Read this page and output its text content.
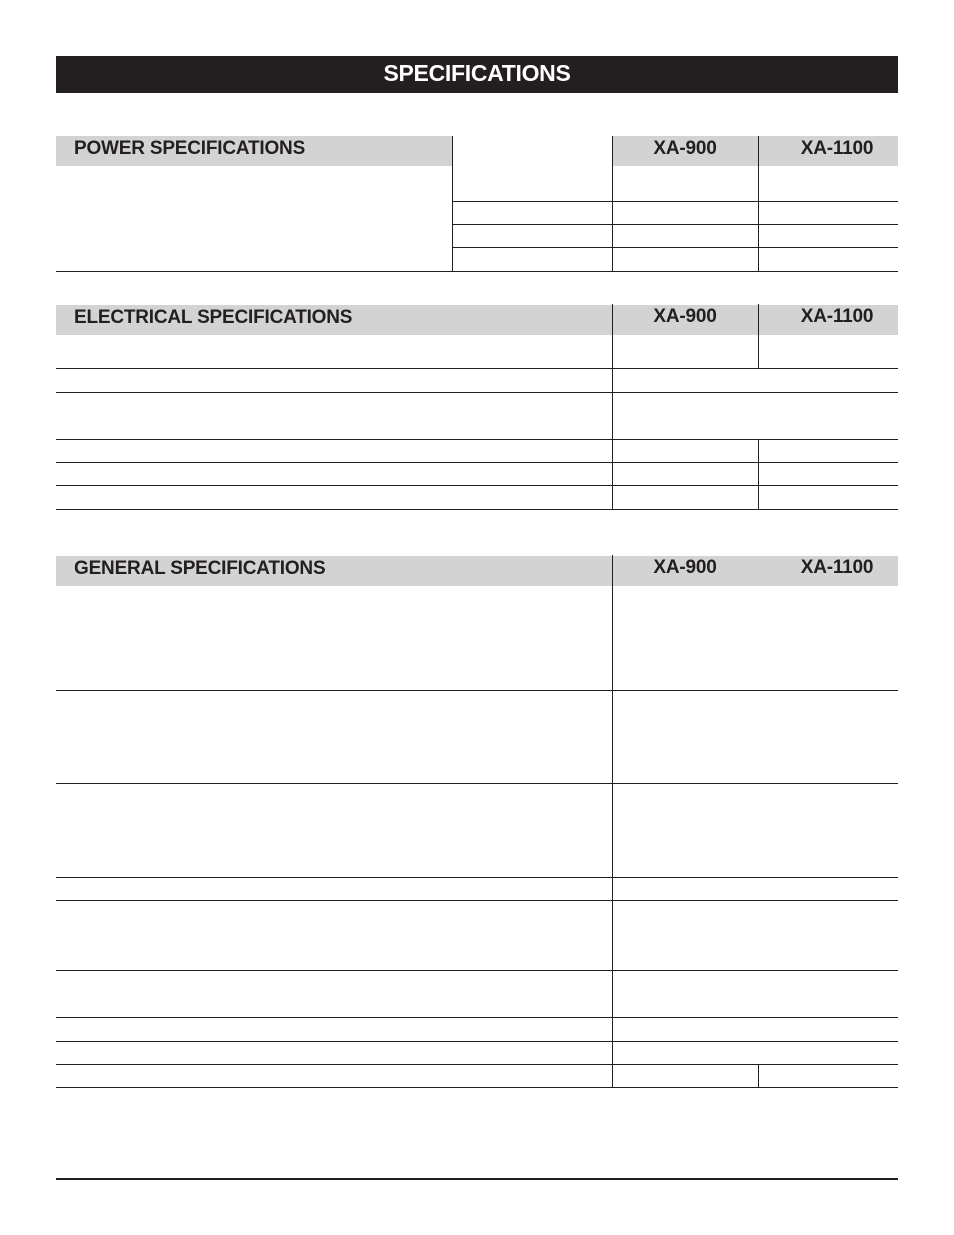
SPECIFICATIONS
POWER SPECIFICATIONS	XA-900	XA-1100
ELECTRICAL SPECIFICATIONS	XA-900	XA-1100
GENERAL SPECIFICATIONS	XA-900	XA-1100
